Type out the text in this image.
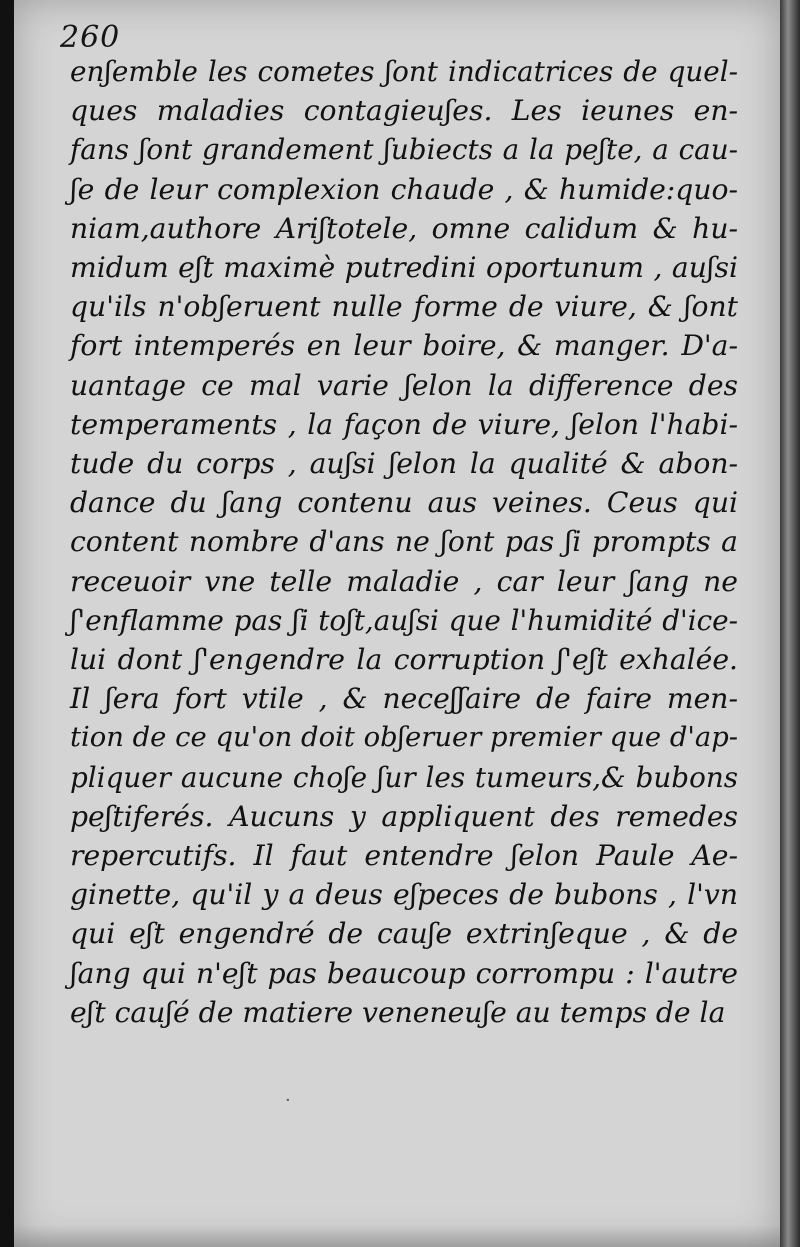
260
enʃemble les cometes ʃont indicatrices de quel-
ques maladies contagieuʃes. Les ieunes en-
fans ʃont grandement ʃubiects a la peʃte, a cau-
ʃe de leur complexion chaude , & humide:quo-
niam,authore Ariʃtotele, omne calidum & hu-
midum eʃt maximè putredini oportunum , auʃsi
qu'ils n'obʃeruent nulle forme de viure, & ʃont
fort intemperés en leur boire, & manger. D'a-
uantage ce mal varie ʃelon la difference des
temperaments , la façon de viure, ʃelon l'habi-
tude du corps , auʃsi ʃelon la qualité & abon-
dance du ʃang contenu aus veines. Ceus qui
content nombre d'ans ne ʃont pas ʃi prompts a
receuoir vne telle maladie , car leur ʃang ne
ʃ'enflamme pas ʃi toʃt,auʃsi que l'humidité d'ice-
lui dont ʃ'engendre la corruption ʃ'eʃt exhalée.
Il ʃera fort vtile , & neceʃʃaire de faire men-
tion de ce qu'on doit obʃeruer premier que d'ap-
pliquer aucune choʃe ʃur les tumeurs,& bubons
peʃtiferés. Aucuns y appliquent des remedes
repercutifs. Il faut entendre ʃelon Paule Ae-
ginette, qu'il y a deus eʃpeces de bubons , l'vn
qui eʃt engendré de cauʃe extrinʃeque , & de
ʃang qui n'eʃt pas beaucoup corrompu : l'autre
eʃt cauʃé de matiere veneneuʃe au temps de la
·
